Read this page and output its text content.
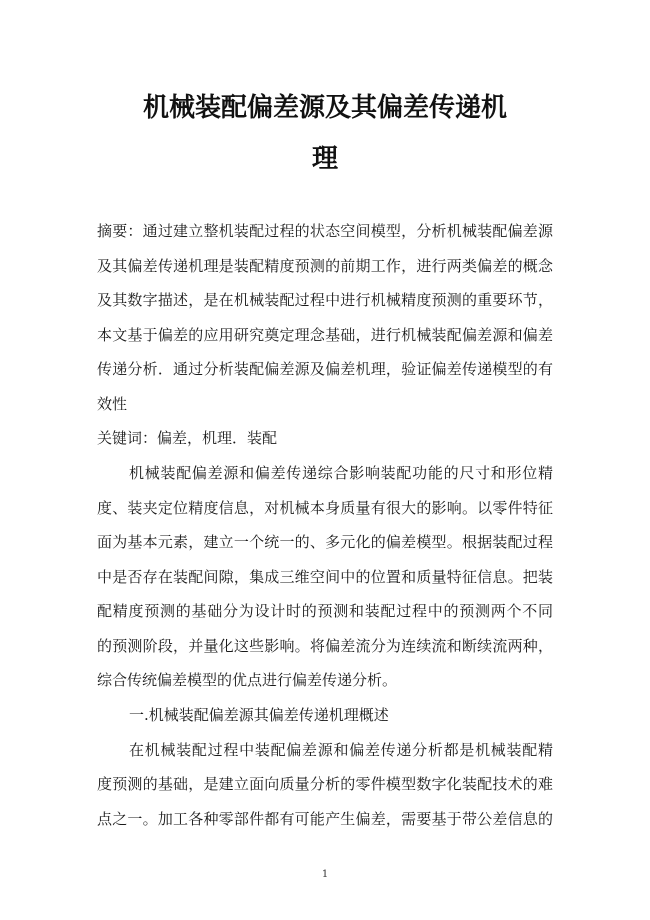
机械装配偏差源及其偏差传递机
理
摘要：通过建立整机装配过程的状态空间模型，分析机械装配偏差源
及其偏差传递机理是装配精度预测的前期工作，进行两类偏差的概念
及其数字描述，是在机械装配过程中进行机械精度预测的重要环节，
本文基于偏差的应用研究奠定理念基础，进行机械装配偏差源和偏差
传递分析．通过分析装配偏差源及偏差机理，验证偏差传递模型的有
效性
关键词：偏差，机理．装配
机械装配偏差源和偏差传递综合影响装配功能的尺寸和形位精
度、装夹定位精度信息，对机械本身质量有很大的影响。以零件特征
面为基本元素，建立一个统一的、多元化的偏差模型。根据装配过程
中是否存在装配间隙，集成三维空间中的位置和质量特征信息。把装
配精度预测的基础分为设计时的预测和装配过程中的预测两个不同
的预测阶段，并量化这些影响。将偏差流分为连续流和断续流两种，
综合传统偏差模型的优点进行偏差传递分析。
一.机械装配偏差源其偏差传递机理概述
在机械装配过程中装配偏差源和偏差传递分析都是机械装配精
度预测的基础，是建立面向质量分析的零件模型数字化装配技术的难
点之一。加工各种零部件都有可能产生偏差，需要基于带公差信息的
1
